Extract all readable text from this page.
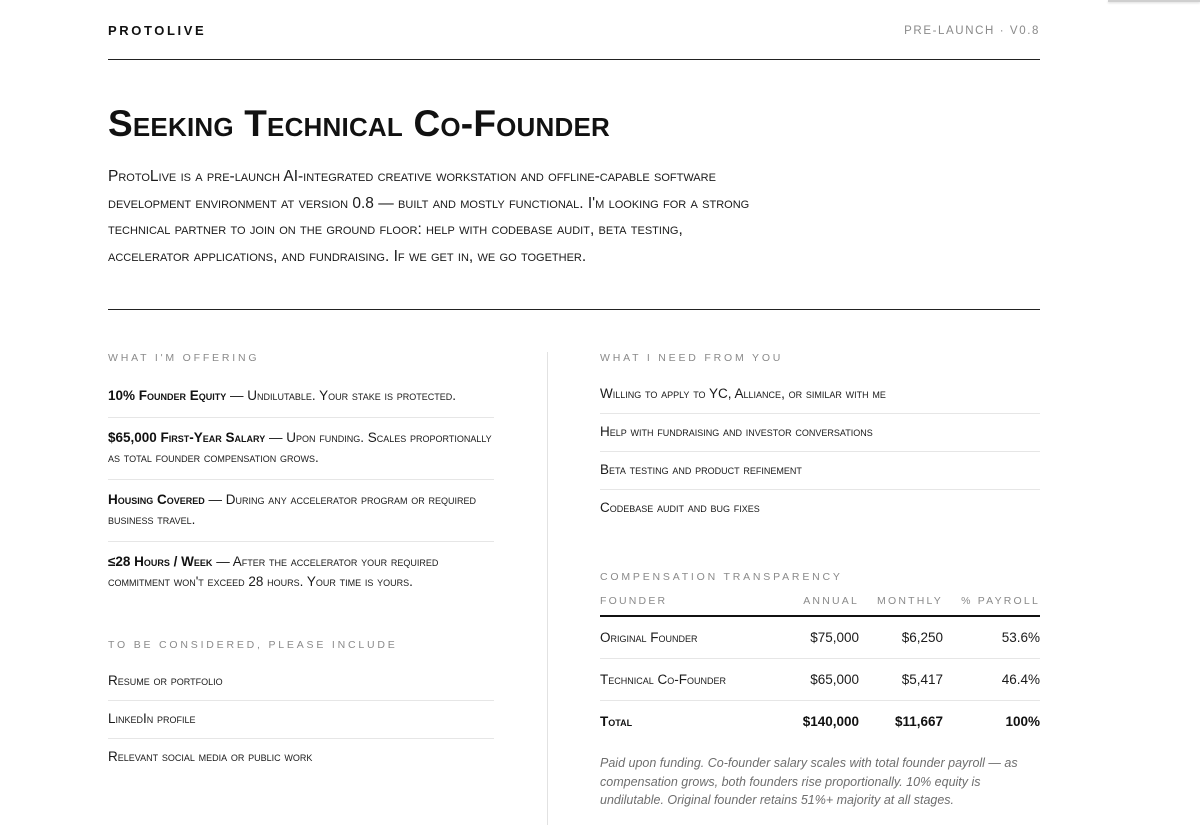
PROTOLIVE	PRE-LAUNCH · V0.8
Seeking Technical Co-Founder

ProtoLive is a pre-launch AI-integrated creative workstation and offline-capable software development environment at version 0.8 — built and mostly functional. I'm looking for a strong technical partner to join on the ground floor: help with codebase audit, beta testing, accelerator applications, and fundraising. If we get in, we go together.

WHAT I'M OFFERING
10% Founder Equity — Undilutable. Your stake is protected.
$65,000 First-Year Salary — Upon funding. Scales proportionally as total founder compensation grows.
Housing Covered — During any accelerator program or required business travel.
≤28 Hours / Week — After the accelerator your required commitment won't exceed 28 hours. Your time is yours.
TO BE CONSIDERED, PLEASE INCLUDE
Resume or portfolio
LinkedIn profile
Relevant social media or public work
WHAT I NEED FROM YOU
Willing to apply to YC, Alliance, or similar with me
Help with fundraising and investor conversations
Beta testing and product refinement
Codebase audit and bug fixes
COMPENSATION TRANSPARENCY
FOUNDER	ANNUAL	MONTHLY	% PAYROLL
Original Founder	$75,000	$6,250	53.6%
Technical Co-Founder	$65,000	$5,417	46.4%
Total	$140,000	$11,667	100%

Paid upon funding. Co-founder salary scales with total founder payroll — as compensation grows, both founders rise proportionally. 10% equity is undilutable. Original founder retains 51%+ majority at all stages.
